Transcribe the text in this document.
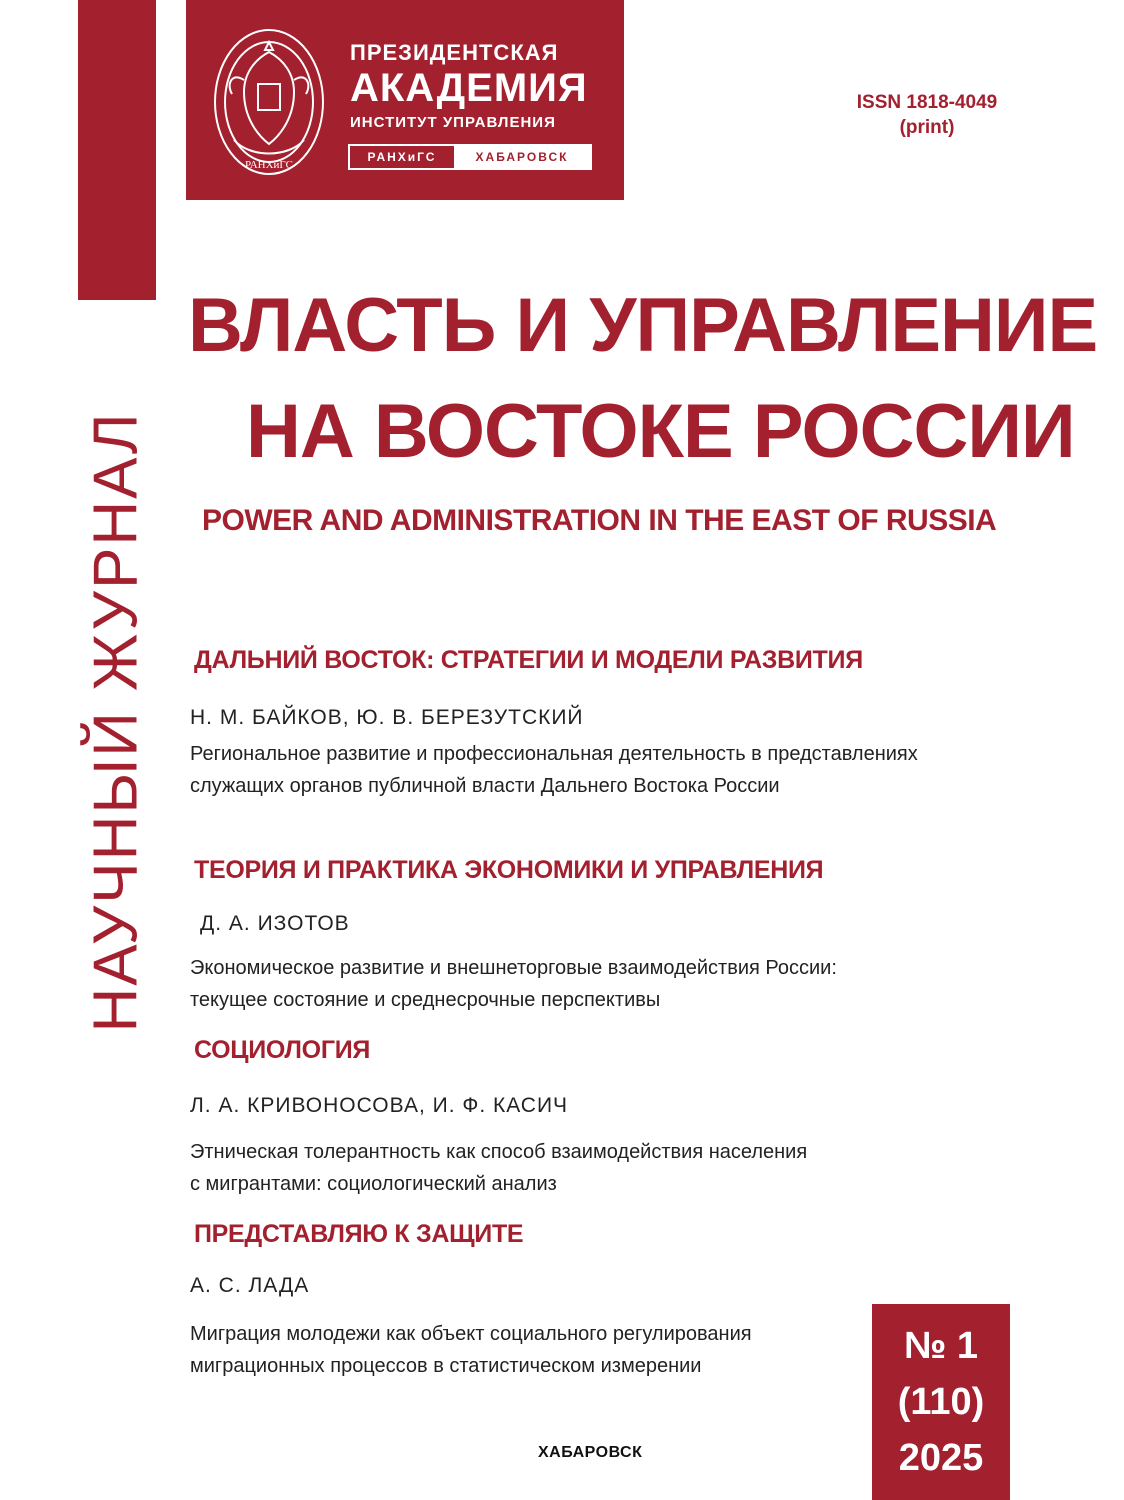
НАУЧНЫЙ ЖУРНАЛ
РАНХиГС
ПРЕЗИДЕНТСКАЯ
АКАДЕМИЯ
ИНСТИТУТ УПРАВЛЕНИЯ
РАНХиГС	ХАБАРОВСК
ISSN 1818-4049
(print)
ВЛАСТЬ И УПРАВЛЕНИЕ
НА ВОСТОКЕ РОССИИ
POWER AND ADMINISTRATION IN THE EAST OF RUSSIA
ДАЛЬНИЙ ВОСТОК: СТРАТЕГИИ И МОДЕЛИ РАЗВИТИЯ
Н. М. БАЙКОВ, Ю. В. БЕРЕЗУТСКИЙ
Региональное развитие и профессиональная деятельность в представлениях
служащих органов публичной власти Дальнего Востока России
ТЕОРИЯ И ПРАКТИКА ЭКОНОМИКИ И УПРАВЛЕНИЯ
Д. А. ИЗОТОВ
Экономическое развитие и внешнеторговые взаимодействия России:
текущее состояние и среднесрочные перспективы
СОЦИОЛОГИЯ
Л. А. КРИВОНОСОВА, И. Ф. КАСИЧ
Этническая толерантность как способ взаимодействия населения
с мигрантами: социологический анализ
ПРЕДСТАВЛЯЮ К ЗАЩИТЕ
А. С. ЛАДА
Миграция молодежи как объект социального регулирования
миграционных процессов в статистическом измерении	№ 1
(110)
2025
ХАБАРОВСК
